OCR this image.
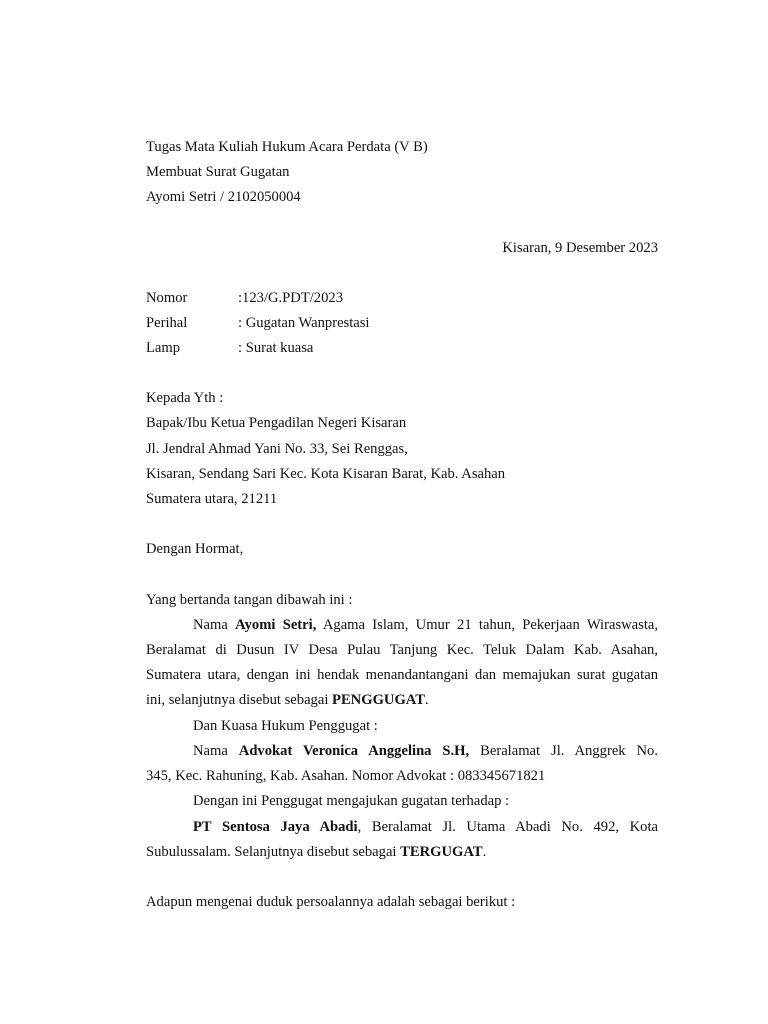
Tugas Mata Kuliah Hukum Acara Perdata (V B)
Membuat Surat Gugatan
Ayomi Setri / 2102050004
Kisaran, 9 Desember 2023
Nomor	:123/G.PDT/2023
Perihal	: Gugatan Wanprestasi
Lamp	: Surat kuasa
Kepada Yth :
Bapak/Ibu Ketua Pengadilan Negeri Kisaran
Jl. Jendral Ahmad Yani No. 33, Sei Renggas,
Kisaran, Sendang Sari Kec. Kota Kisaran Barat, Kab. Asahan
Sumatera utara, 21211
Dengan Hormat,
Yang bertanda tangan dibawah ini :
Nama Ayomi Setri, Agama Islam, Umur 21 tahun, Pekerjaan Wiraswasta,
Beralamat di Dusun IV Desa Pulau Tanjung Kec. Teluk Dalam Kab. Asahan,
Sumatera utara, dengan ini hendak menandantangani dan memajukan surat gugatan
ini, selanjutnya disebut sebagai PENGGUGAT.
Dan Kuasa Hukum Penggugat :
Nama Advokat Veronica Anggelina S.H, Beralamat Jl. Anggrek No.
345, Kec. Rahuning, Kab. Asahan. Nomor Advokat : 083345671821
Dengan ini Penggugat mengajukan gugatan terhadap :
PT Sentosa Jaya Abadi, Beralamat Jl. Utama Abadi No. 492, Kota
Subulussalam. Selanjutnya disebut sebagai TERGUGAT.
Adapun mengenai duduk persoalannya adalah sebagai berikut :
